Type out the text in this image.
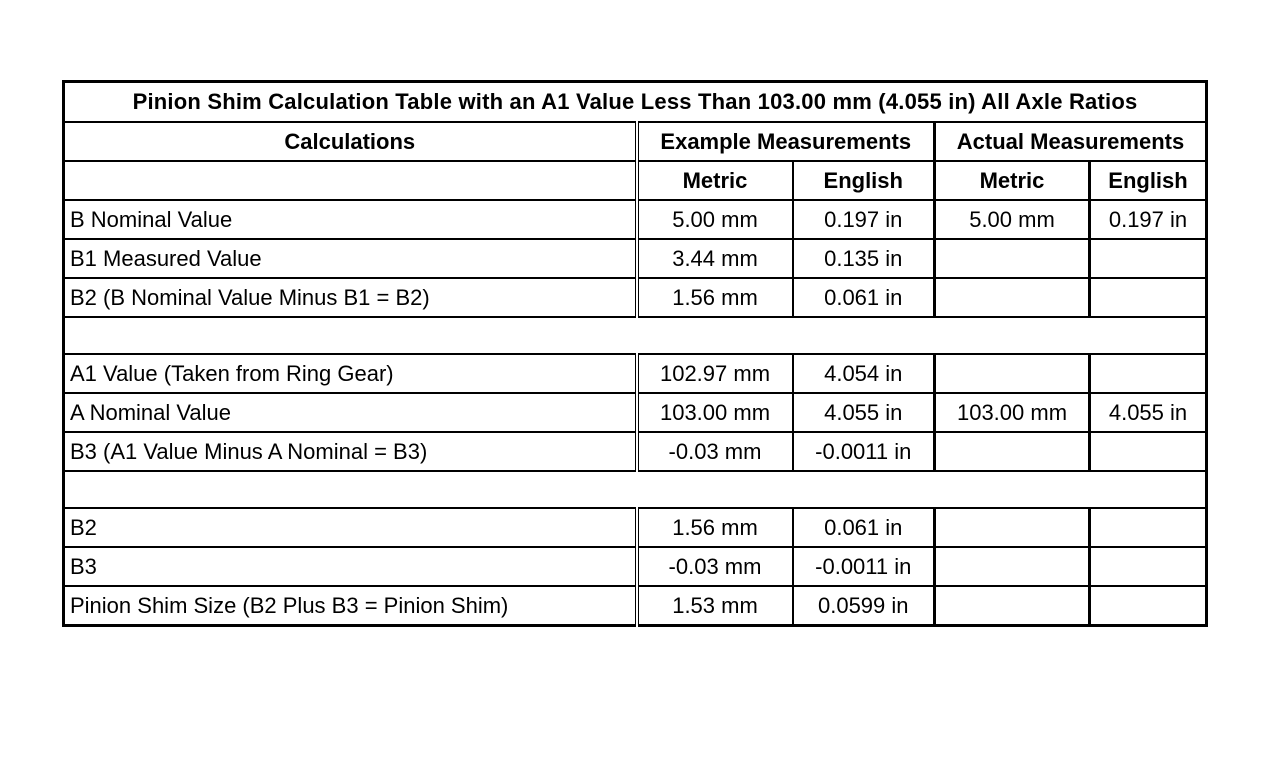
Pinion Shim Calculation Table with an A1 Value Less Than 103.00 mm (4.055 in) All Axle Ratios				
Calculations	Example Measurements		Actual Measurements	
	Metric	English	Metric	English
B Nominal Value	5.00 mm	0.197 in	5.00 mm	0.197 in
B1 Measured Value	3.44 mm	0.135 in		
B2 (B Nominal Value Minus B1 = B2)	1.56 mm	0.061 in		

A1 Value (Taken from Ring Gear)	102.97 mm	4.054 in		
A Nominal Value	103.00 mm	4.055 in	103.00 mm	4.055 in
B3 (A1 Value Minus A Nominal = B3)	-0.03 mm	-0.0011 in		

B2	1.56 mm	0.061 in		
B3	-0.03 mm	-0.0011 in		
Pinion Shim Size (B2 Plus B3 = Pinion Shim)	1.53 mm	0.0599 in		
